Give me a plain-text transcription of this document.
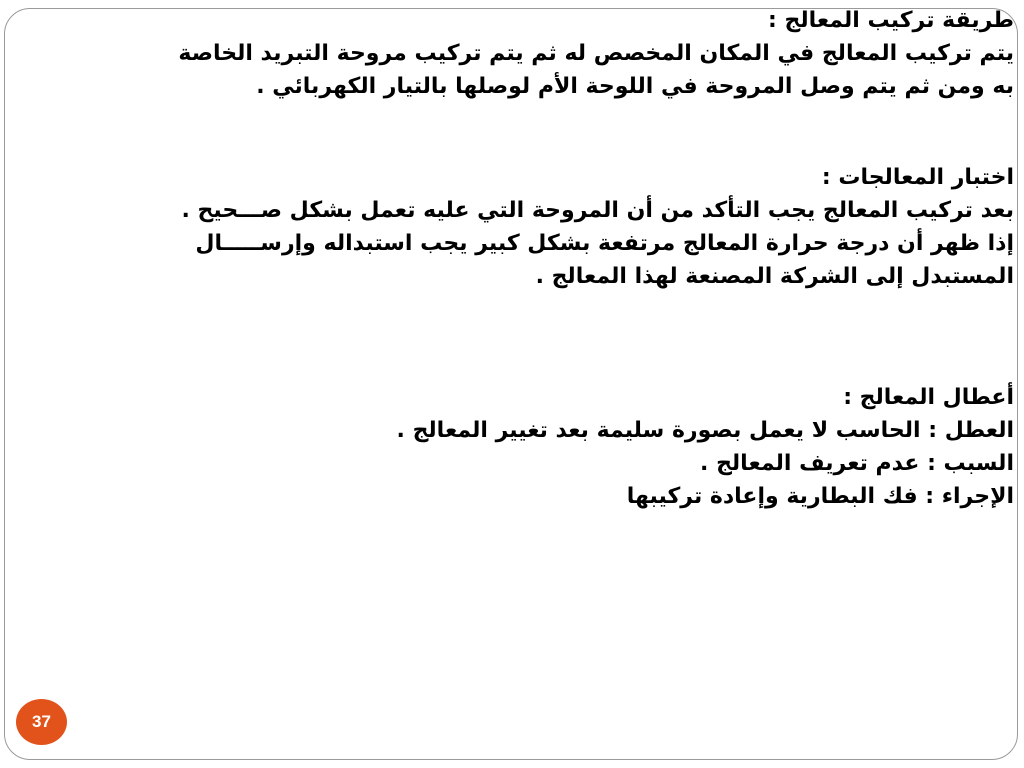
طريقة تركيب المعالج :
يتم تركيب المعالج في المكان المخصص له ثم يتم تركيب مروحة التبريد الخاصة
به ومن ثم يتم وصل المروحة في اللوحة الأم لوصلها بالتيار الكهربائي .
اختبار المعالجات :
بعد تركيب المعالج يجب التأكد من أن المروحة التي عليه تعمل بشكل صـــحيح .
إذا ظهر أن درجة حرارة المعالج مرتفعة بشكل كبير يجب استبداله وإرســـــال
المستبدل إلى الشركة المصنعة لهذا المعالج .
أعطال المعالج :
العطل : الحاسب لا يعمل بصورة سليمة بعد تغيير المعالج .
السبب : عدم تعريف المعالج .
الإجراء : فك البطارية وإعادة تركيبها
37
